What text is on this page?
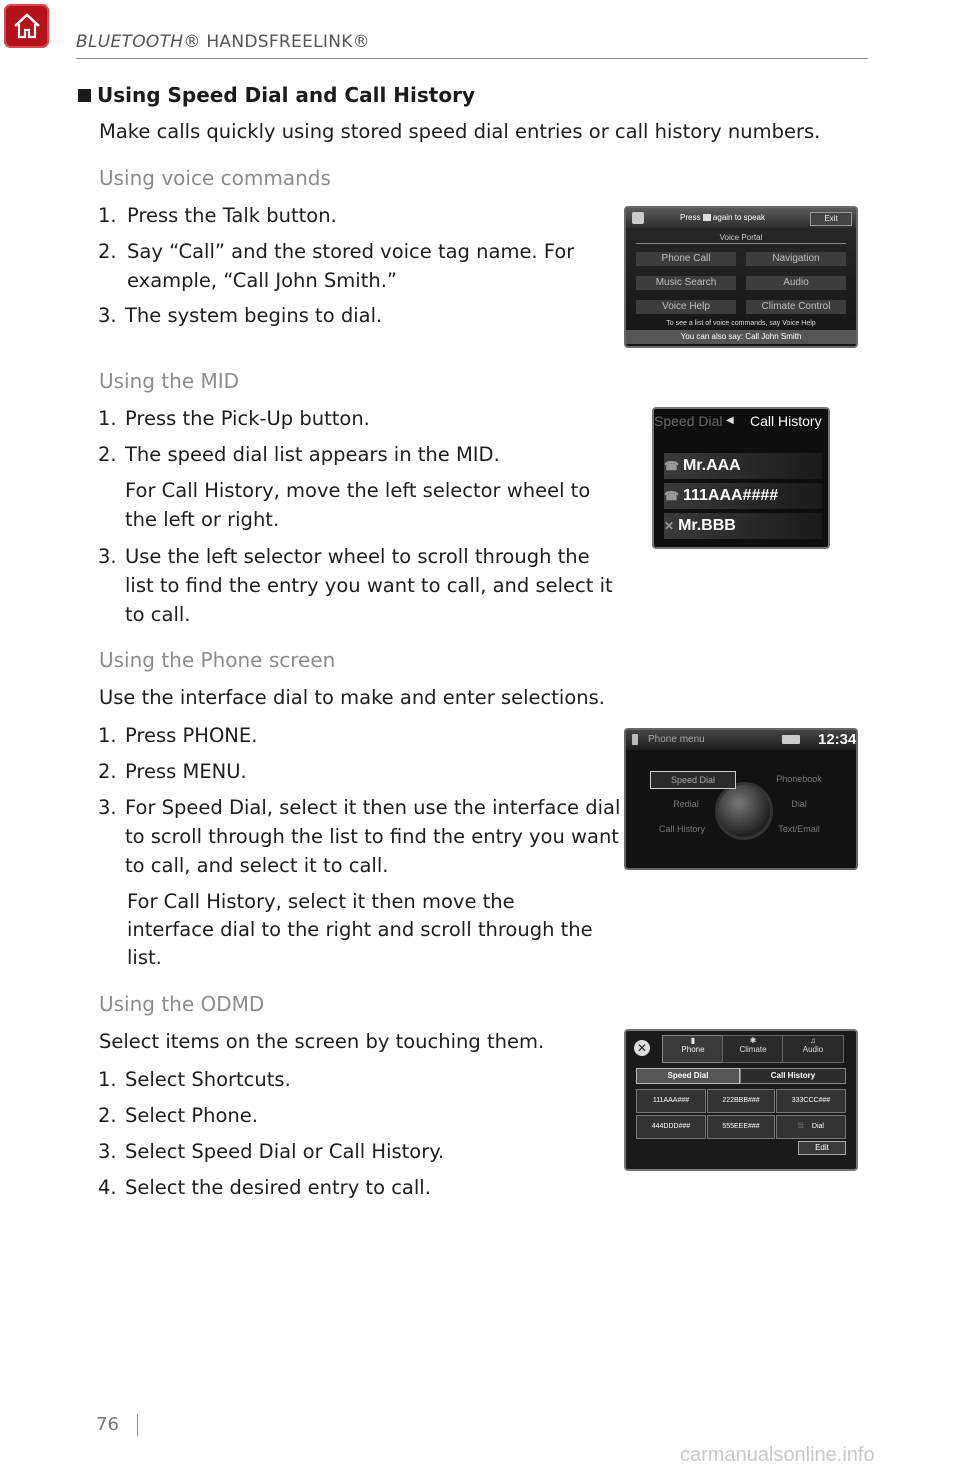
BLUETOOTH® HANDSFREELINK®
Using Speed Dial and Call History
Make calls quickly using stored speed dial entries or call history numbers.
Using voice commands
1. Press the Talk button.
2. Say “Call” and the stored voice tag name. For
example, “Call John Smith.”
3. The system begins to dial.
Press again to speak	Exit
Voice Portal
Phone Call	Navigation
Music Search	Audio
Voice Help	Climate Control
To see a list of voice commands, say Voice Help
You can also say: Call John Smith
Using the MID
1. Press the Pick-Up button.
2. The speed dial list appears in the MID.
For Call History, move the left selector wheel to
the left or right.
3. Use the left selector wheel to scroll through the
list to find the entry you want to call, and select it
to call.
Speed Dial ◀ Call History
☎ Mr.AAA
☎ 111AAA####
✕ Mr.BBB
Using the Phone screen
Use the interface dial to make and enter selections.
1. Press PHONE.
2. Press MENU.
3. For Speed Dial, select it then use the interface dial
to scroll through the list to find the entry you want
to call, and select it to call.
For Call History, select it then move the
interface dial to the right and scroll through the
list.
Phone menu	12:34
Speed Dial	Phonebook
Redial	Dial
Call History	Text/Email
Using the ODMD
Select items on the screen by touching them.
1. Select Shortcuts.
2. Select Phone.
3. Select Speed Dial or Call History.
4. Select the desired entry to call.
✕
▮
Phone
✱
Climate
♫
Audio
Speed Dial	Call History
111AAA###	222BBB###	333CCC###
444DDD###	555EEE###	⁞⁞⁞ Dial
Edit
76
carmanualsonline.info
